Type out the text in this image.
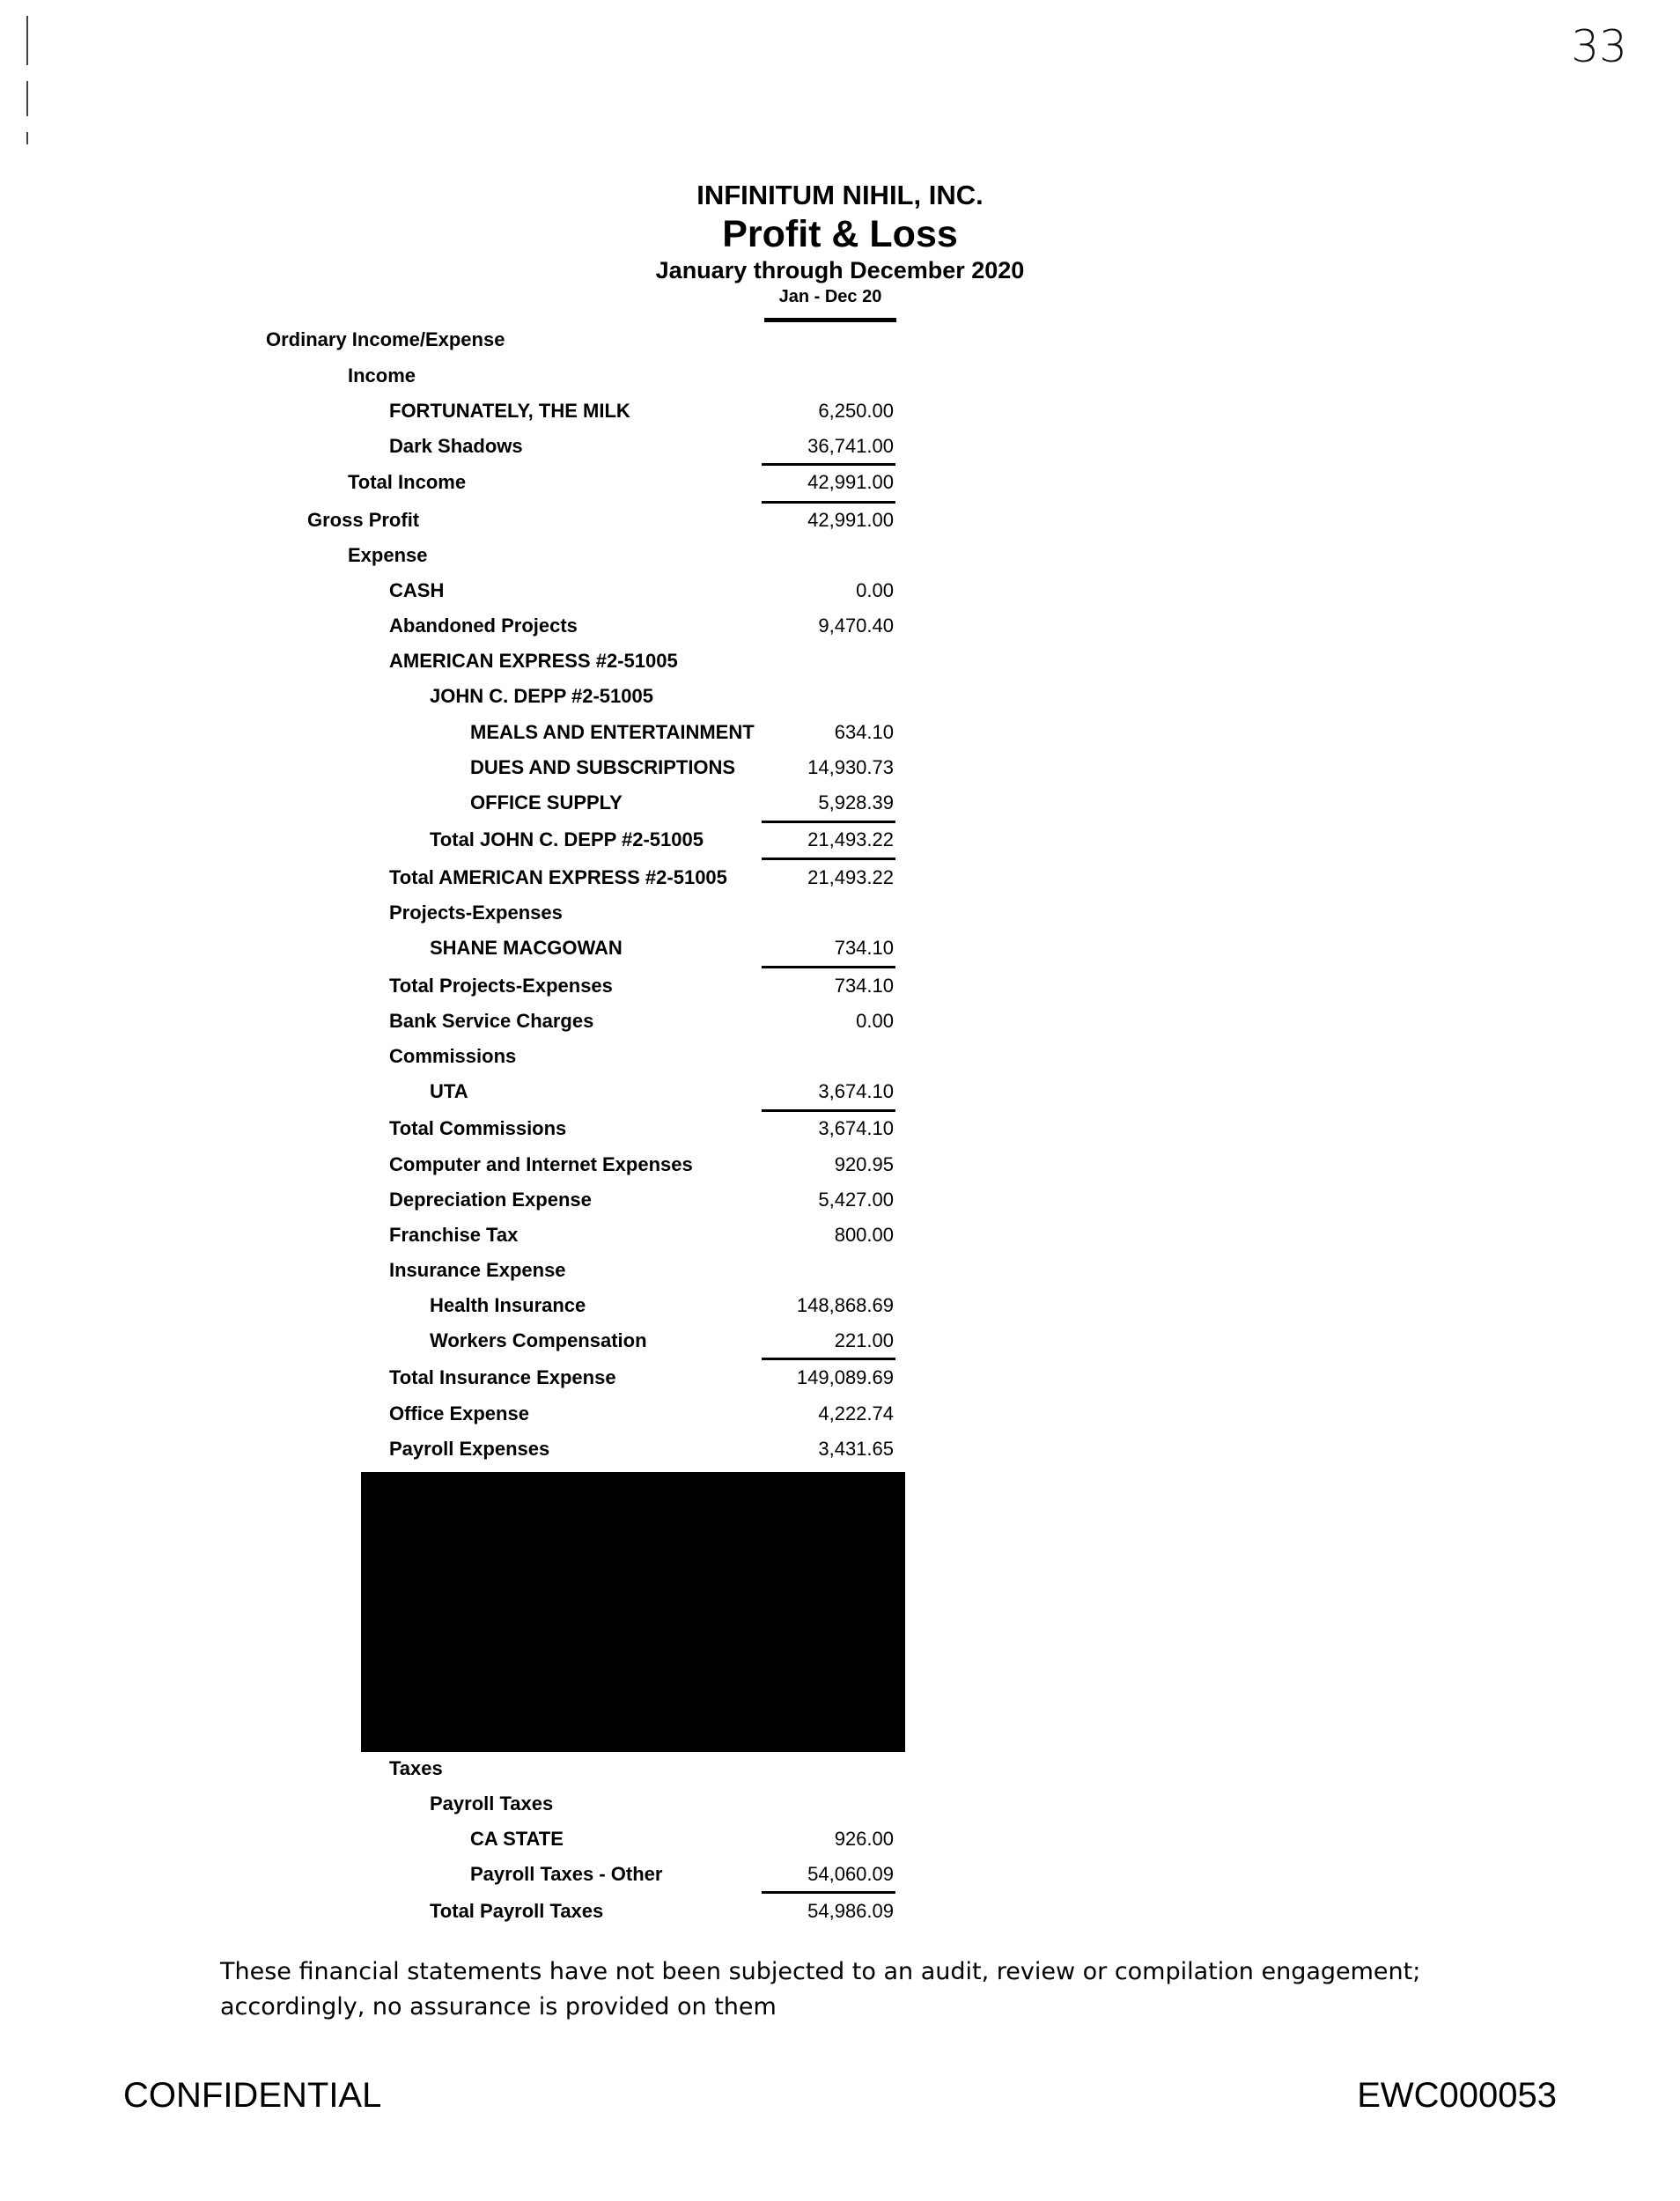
33
INFINITUM NIHIL, INC.
Profit & Loss
January through December 2020
Jan - Dec 20
Ordinary Income/Expense
Income
FORTUNATELY, THE MILK	6,250.00
Dark Shadows	36,741.00
Total Income	42,991.00
Gross Profit	42,991.00
Expense
CASH	0.00
Abandoned Projects	9,470.40
AMERICAN EXPRESS #2-51005
JOHN C. DEPP #2-51005
MEALS AND ENTERTAINMENT	634.10
DUES AND SUBSCRIPTIONS	14,930.73
OFFICE SUPPLY	5,928.39
Total JOHN C. DEPP #2-51005	21,493.22
Total AMERICAN EXPRESS #2-51005	21,493.22
Projects-Expenses
SHANE MACGOWAN	734.10
Total Projects-Expenses	734.10
Bank Service Charges	0.00
Commissions
UTA	3,674.10
Total Commissions	3,674.10
Computer and Internet Expenses	920.95
Depreciation Expense	5,427.00
Franchise Tax	800.00
Insurance Expense
Health Insurance	148,868.69
Workers Compensation	221.00
Total Insurance Expense	149,089.69
Office Expense	4,222.74
Payroll Expenses	3,431.65
Taxes
Payroll Taxes
CA STATE	926.00
Payroll Taxes - Other	54,060.09
Total Payroll Taxes	54,986.09
These financial statements have not been subjected to an audit, review or compilation engagement; accordingly, no assurance is provided on them
CONFIDENTIAL	EWC000053
